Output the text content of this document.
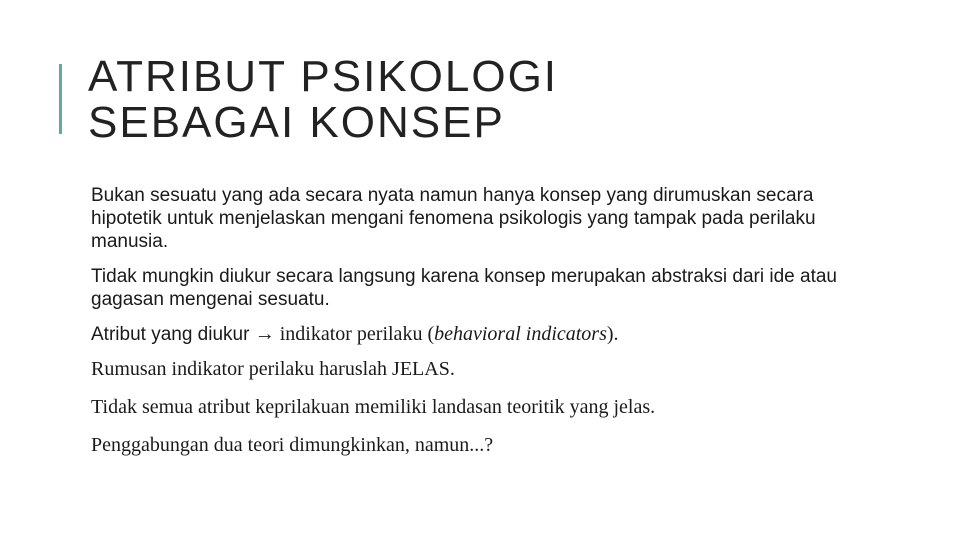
ATRIBUT PSIKOLOGI
SEBAGAI KONSEP

Bukan sesuatu yang ada secara nyata namun hanya konsep yang dirumuskan secara hipotetik untuk menjelaskan mengani fenomena psikologis yang tampak pada perilaku manusia.

Tidak mungkin diukur secara langsung karena konsep merupakan abstraksi dari ide atau gagasan mengenai sesuatu.

Atribut yang diukur → indikator perilaku (behavioral indicators).

Rumusan indikator perilaku haruslah JELAS.

Tidak semua atribut keprilakuan memiliki landasan teoritik yang jelas.

Penggabungan dua teori dimungkinkan, namun...?
